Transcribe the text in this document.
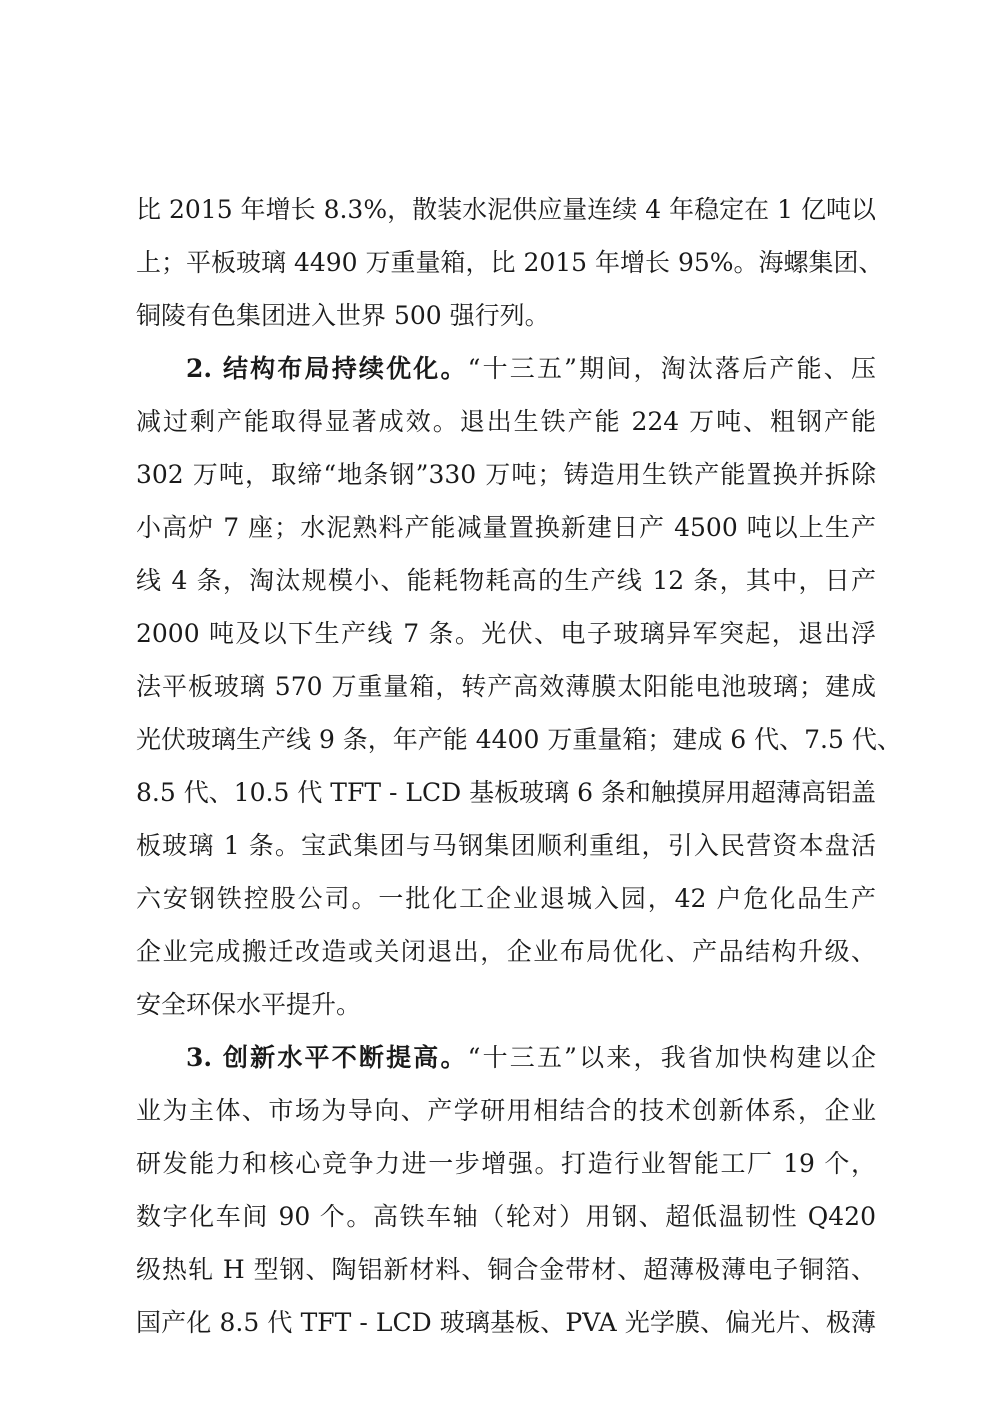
比 2015 年增长 8.3%，散装水泥供应量连续 4 年稳定在 1 亿吨以
上；平板玻璃 4490 万重量箱，比 2015 年增长 95%。海螺集团、
铜陵有色集团进入世界 500 强行列。
2. 结构布局持续优化。“十三五”期间，淘汰落后产能、压
减过剩产能取得显著成效。退出生铁产能 224 万吨、粗钢产能
302 万吨，取缔“地条钢”330 万吨；铸造用生铁产能置换并拆除
小高炉 7 座；水泥熟料产能减量置换新建日产 4500 吨以上生产
线 4 条，淘汰规模小、能耗物耗高的生产线 12 条，其中，日产
2000 吨及以下生产线 7 条。光伏、电子玻璃异军突起，退出浮
法平板玻璃 570 万重量箱，转产高效薄膜太阳能电池玻璃；建成
光伏玻璃生产线 9 条，年产能 4400 万重量箱；建成 6 代、7.5 代、
8.5 代、10.5 代 TFT - LCD 基板玻璃 6 条和触摸屏用超薄高铝盖
板玻璃 1 条。宝武集团与马钢集团顺利重组，引入民营资本盘活
六安钢铁控股公司。一批化工企业退城入园，42 户危化品生产
企业完成搬迁改造或关闭退出，企业布局优化、产品结构升级、
安全环保水平提升。
3. 创新水平不断提高。“十三五”以来，我省加快构建以企
业为主体、市场为导向、产学研用相结合的技术创新体系，企业
研发能力和核心竞争力进一步增强。打造行业智能工厂 19 个，
数字化车间 90 个。高铁车轴（轮对）用钢、超低温韧性 Q420
级热轧 H 型钢、陶铝新材料、铜合金带材、超薄极薄电子铜箔、
国产化 8.5 代 TFT - LCD 玻璃基板、PVA 光学膜、偏光片、极薄
